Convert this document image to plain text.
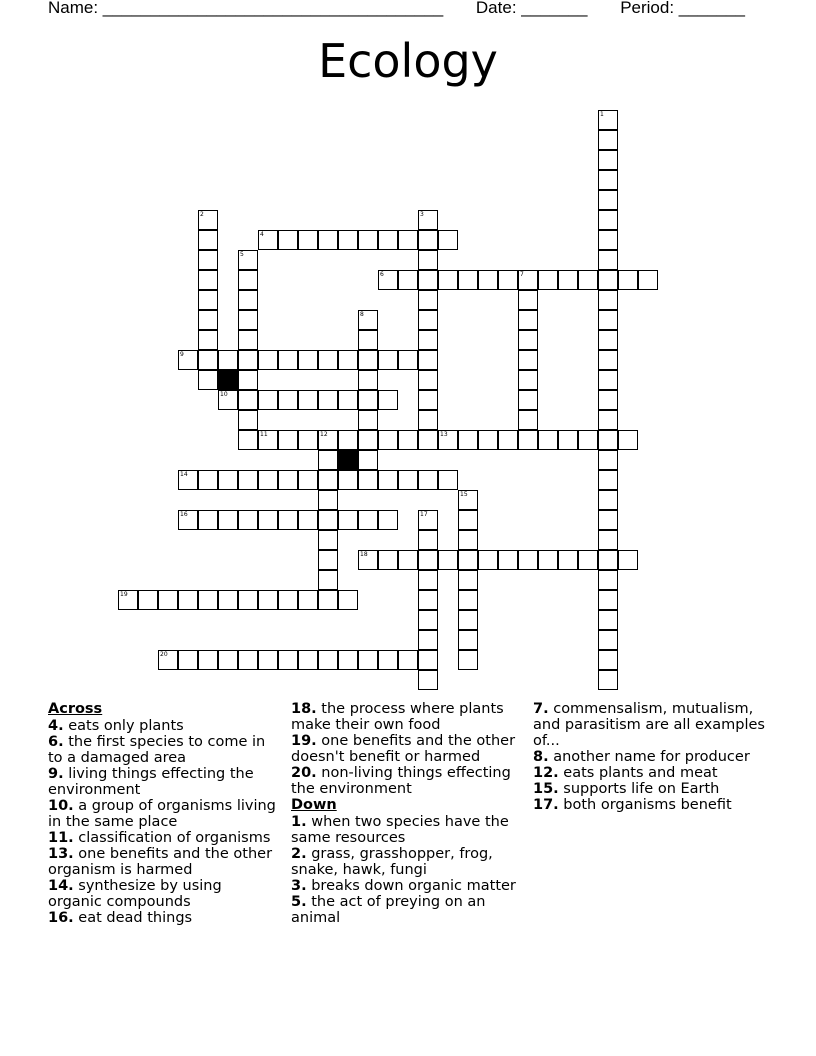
Name: ____________________________________ Date: _______ Period: _______
Ecology
1
2	3
4
5
6	7
8
9
10
11	12	13
14
15
16	17
18
19
20
Across
4. eats only plants
6. the first species to come in to a damaged area
9. living things effecting the environment
10. a group of organisms living in the same place
11. classification of organisms
13. one benefits and the other organism is harmed
14. synthesize by using organic compounds
16. eat dead things
18. the process where plants make their own food
19. one benefits and the other doesn't benefit or harmed
20. non-living things effecting the environment
Down
1. when two species have the same resources
2. grass, grasshopper, frog, snake, hawk, fungi
3. breaks down organic matter
5. the act of preying on an animal
7. commensalism, mutualism, and parasitism are all examples of...
8. another name for producer
12. eats plants and meat
15. supports life on Earth
17. both organisms benefit
